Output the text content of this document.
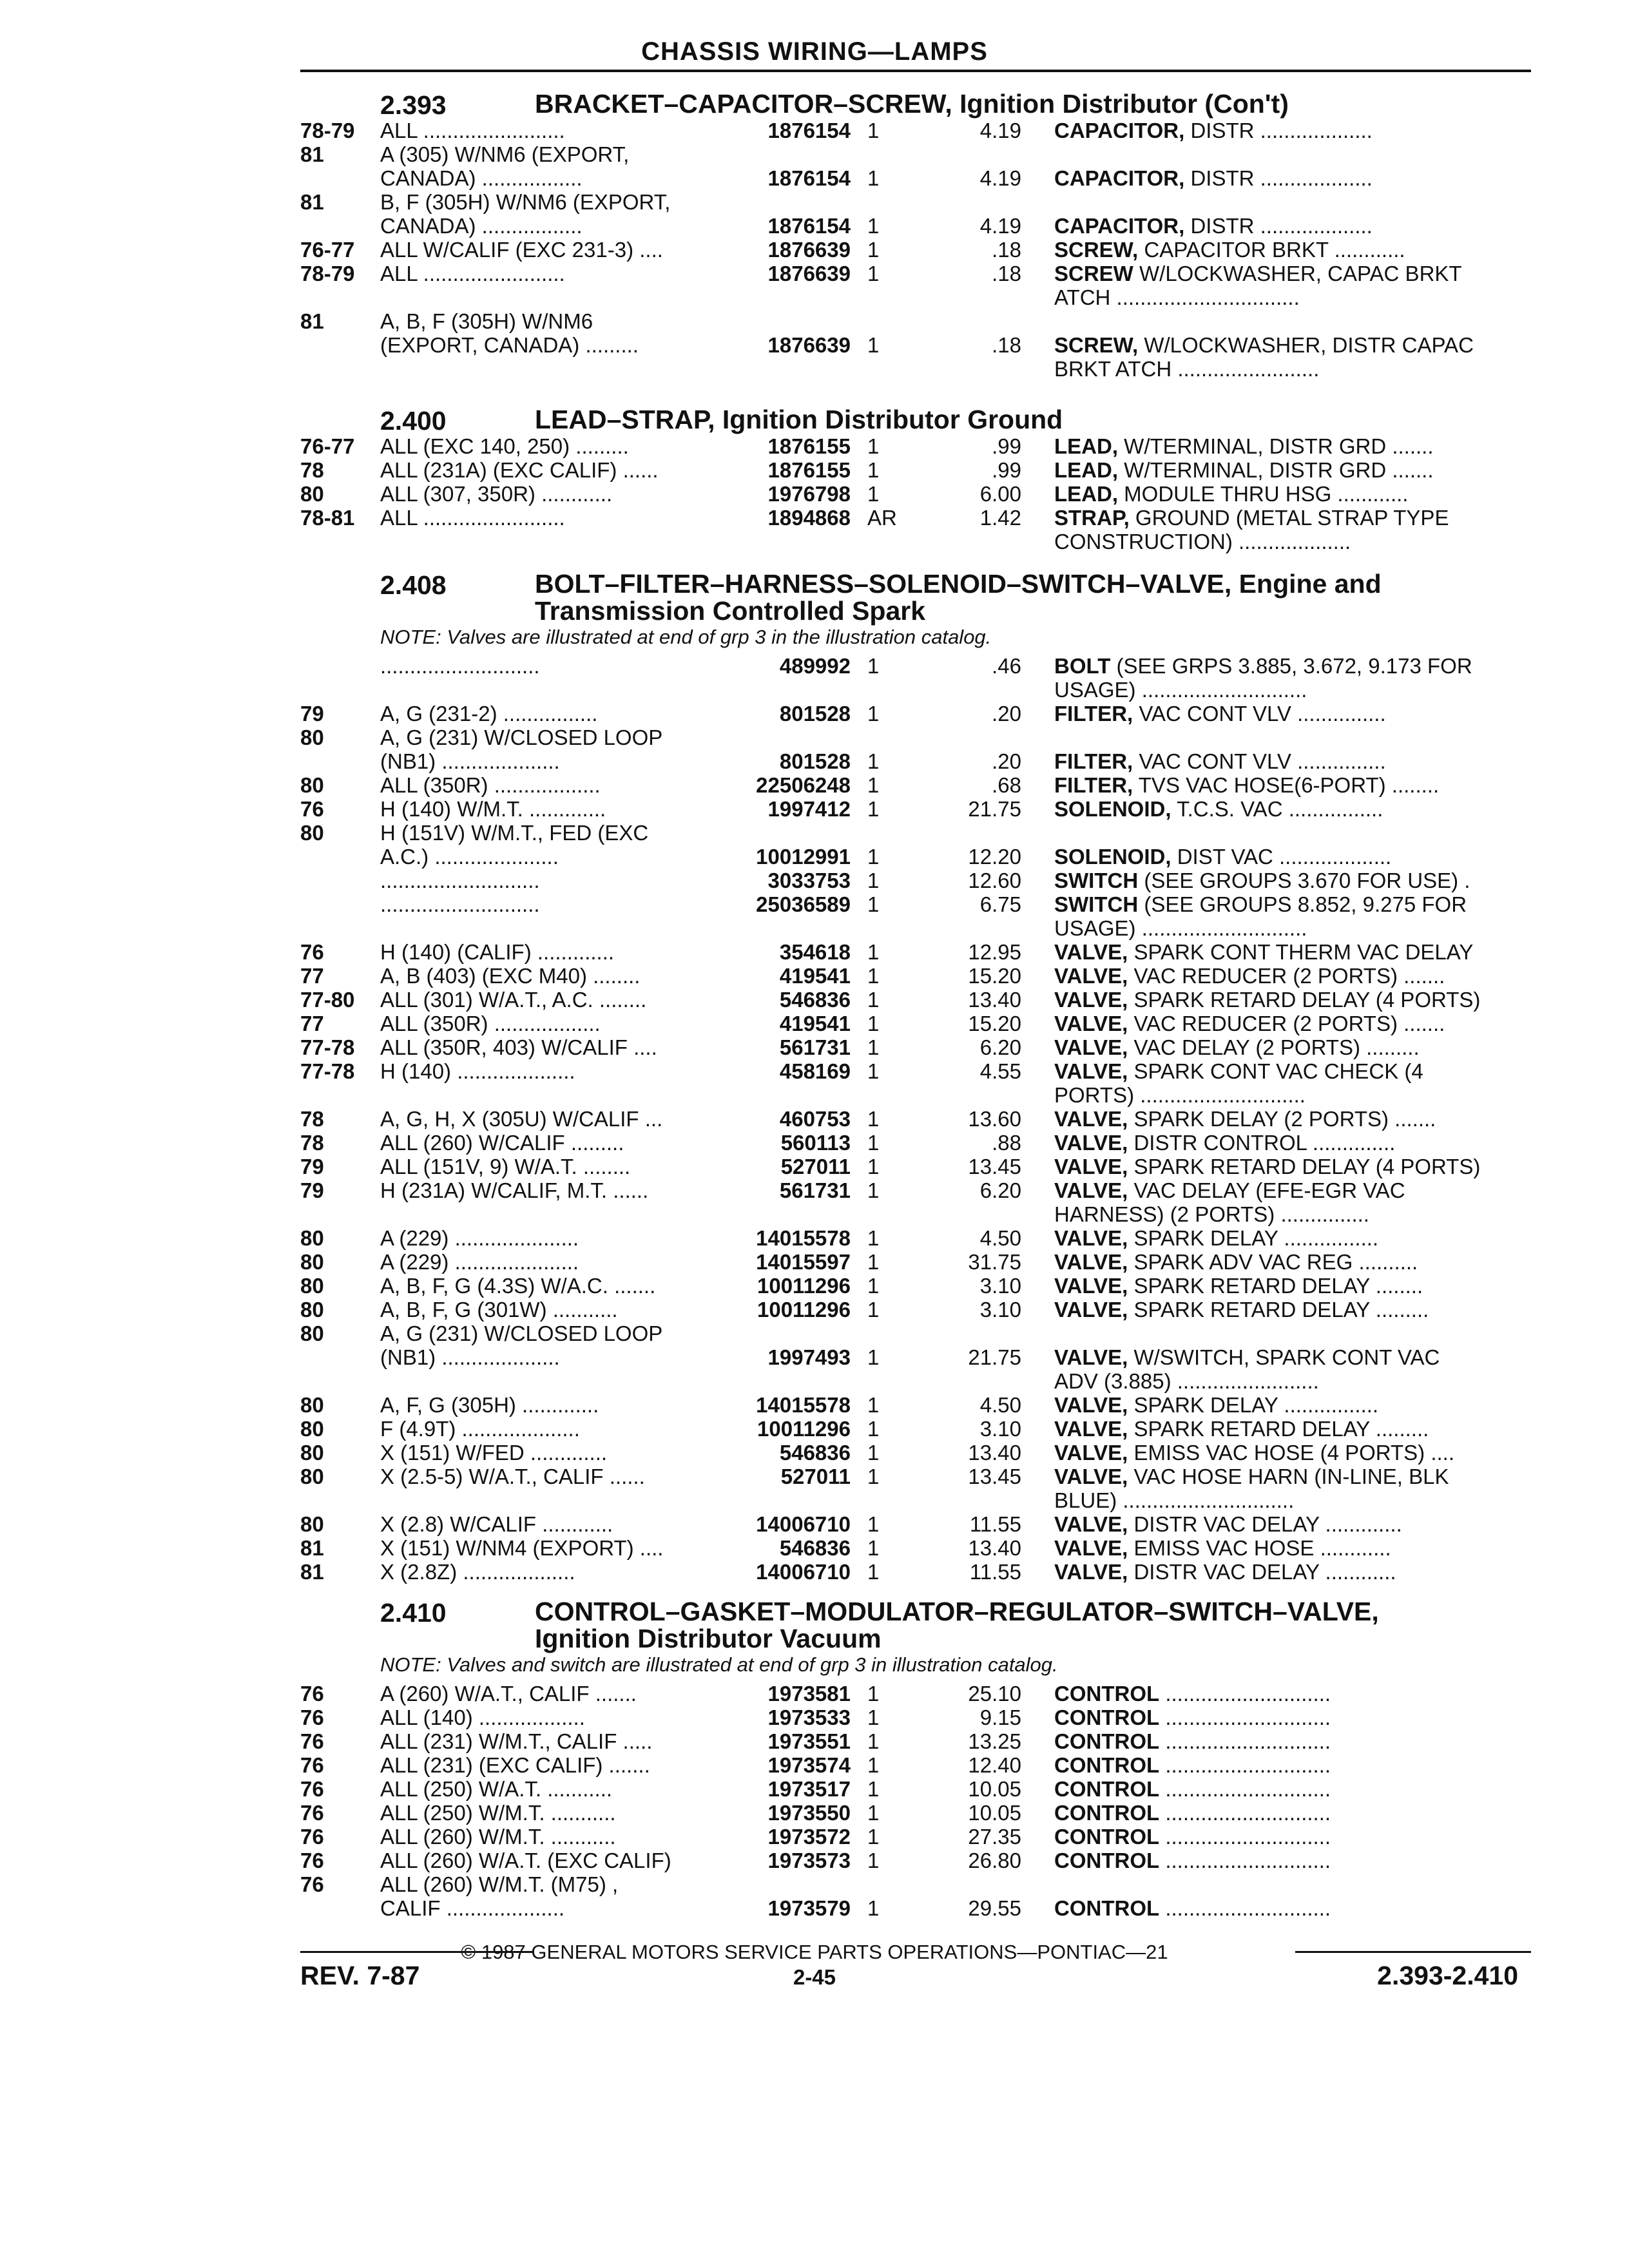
CHASSIS WIRING—LAMPS
2.393	BRACKET–CAPACITOR–SCREW, Ignition Distributor (Con't)
78-79 ALL ........................	1876154 1	4.19 CAPACITOR, DISTR ...................
81	A (305) W/NM6 (EXPORT,
CANADA) .................	1876154 1	4.19 CAPACITOR, DISTR ...................
81	B, F (305H) W/NM6 (EXPORT,
CANADA) .................	1876154 1	4.19 CAPACITOR, DISTR ...................
76-77 ALL W/CALIF (EXC 231-3) ....	1876639 1	.18 SCREW, CAPACITOR BRKT ............
78-79 ALL ........................	1876639 1	.18 SCREW W/LOCKWASHER, CAPAC BRKT
ATCH ...............................
81	A, B, F (305H) W/NM6
(EXPORT, CANADA) .........	1876639 1	.18 SCREW, W/LOCKWASHER, DISTR CAPAC
BRKT ATCH ........................
2.400	LEAD–STRAP, Ignition Distributor Ground
76-77 ALL (EXC 140, 250) .........	1876155 1	.99 LEAD, W/TERMINAL, DISTR GRD .......
78	ALL (231A) (EXC CALIF) ......	1876155 1	.99 LEAD, W/TERMINAL, DISTR GRD .......
80	ALL (307, 350R) ............	1976798 1	6.00 LEAD, MODULE THRU HSG ............
78-81 ALL ........................	1894868 AR	1.42 STRAP, GROUND (METAL STRAP TYPE
CONSTRUCTION) ...................
2.408	BOLT–FILTER–HARNESS–SOLENOID–SWITCH–VALVE, Engine and
Transmission Controlled Spark
NOTE: Valves are illustrated at end of grp 3 in the illustration catalog.
...........................	489992 1	.46 BOLT (SEE GRPS 3.885, 3.672, 9.173 FOR
USAGE) ............................
79	A, G (231-2) ................	801528 1	.20 FILTER, VAC CONT VLV ...............
80	A, G (231) W/CLOSED LOOP
(NB1) ....................	801528 1	.20 FILTER, VAC CONT VLV ...............
80	ALL (350R) ..................	22506248 1	.68 FILTER, TVS VAC HOSE(6-PORT) ........
76	H (140) W/M.T. .............	1997412 1	21.75 SOLENOID, T.C.S. VAC ................
80	H (151V) W/M.T., FED (EXC
A.C.) .....................	10012991 1	12.20 SOLENOID, DIST VAC ...................
...........................	3033753 1	12.60 SWITCH (SEE GROUPS 3.670 FOR USE) .
...........................	25036589 1	6.75 SWITCH (SEE GROUPS 8.852, 9.275 FOR
USAGE) ............................
76	H (140) (CALIF) .............	354618 1	12.95 VALVE, SPARK CONT THERM VAC DELAY
77	A, B (403) (EXC M40) ........	419541 1	15.20 VALVE, VAC REDUCER (2 PORTS) .......
77-80 ALL (301) W/A.T., A.C. ........	546836 1	13.40 VALVE, SPARK RETARD DELAY (4 PORTS)
77	ALL (350R) ..................	419541 1	15.20 VALVE, VAC REDUCER (2 PORTS) .......
77-78 ALL (350R, 403) W/CALIF ....	561731 1	6.20 VALVE, VAC DELAY (2 PORTS) .........
77-78 H (140) ....................	458169 1	4.55 VALVE, SPARK CONT VAC CHECK (4
PORTS) ............................
78	A, G, H, X (305U) W/CALIF ...	460753 1	13.60 VALVE, SPARK DELAY (2 PORTS) .......
78	ALL (260) W/CALIF .........	560113 1	.88 VALVE, DISTR CONTROL ..............
79	ALL (151V, 9) W/A.T. ........	527011 1	13.45 VALVE, SPARK RETARD DELAY (4 PORTS)
79	H (231A) W/CALIF, M.T. ......	561731 1	6.20 VALVE, VAC DELAY (EFE-EGR VAC
HARNESS) (2 PORTS) ...............
80	A (229) .....................	14015578 1	4.50 VALVE, SPARK DELAY ................
80	A (229) .....................	14015597 1	31.75 VALVE, SPARK ADV VAC REG ..........
80	A, B, F, G (4.3S) W/A.C. .......	10011296 1	3.10 VALVE, SPARK RETARD DELAY ........
80	A, B, F, G (301W) ...........	10011296 1	3.10 VALVE, SPARK RETARD DELAY .........
80	A, G (231) W/CLOSED LOOP
(NB1) ....................	1997493 1	21.75 VALVE, W/SWITCH, SPARK CONT VAC
ADV (3.885) ........................
80	A, F, G (305H) .............	14015578 1	4.50 VALVE, SPARK DELAY ................
80	F (4.9T) ....................	10011296 1	3.10 VALVE, SPARK RETARD DELAY .........
80	X (151) W/FED .............	546836 1	13.40 VALVE, EMISS VAC HOSE (4 PORTS) ....
80	X (2.5-5) W/A.T., CALIF ......	527011 1	13.45 VALVE, VAC HOSE HARN (IN-LINE, BLK
BLUE) .............................
80	X (2.8) W/CALIF ............	14006710 1	11.55 VALVE, DISTR VAC DELAY .............
81	X (151) W/NM4 (EXPORT) ....	546836 1	13.40 VALVE, EMISS VAC HOSE ............
81	X (2.8Z) ...................	14006710 1	11.55 VALVE, DISTR VAC DELAY ............
2.410	CONTROL–GASKET–MODULATOR–REGULATOR–SWITCH–VALVE,
Ignition Distributor Vacuum
NOTE: Valves and switch are illustrated at end of grp 3 in illustration catalog.
76	A (260) W/A.T., CALIF .......	1973581 1	25.10 CONTROL ............................
76	ALL (140) ..................	1973533 1	9.15 CONTROL ............................
76	ALL (231) W/M.T., CALIF .....	1973551 1	13.25 CONTROL ............................
76	ALL (231) (EXC CALIF) .......	1973574 1	12.40 CONTROL ............................
76	ALL (250) W/A.T. ...........	1973517 1	10.05 CONTROL ............................
76	ALL (250) W/M.T. ...........	1973550 1	10.05 CONTROL ............................
76	ALL (260) W/M.T. ...........	1973572 1	27.35 CONTROL ............................
76	ALL (260) W/A.T. (EXC CALIF)	1973573 1	26.80 CONTROL ............................
76	ALL (260) W/M.T. (M75) ,
CALIF ....................	1973579 1	29.55 CONTROL ............................
© 1987 GENERAL MOTORS SERVICE PARTS OPERATIONS—PONTIAC—21
REV. 7-87	2-45	2.393-2.410
